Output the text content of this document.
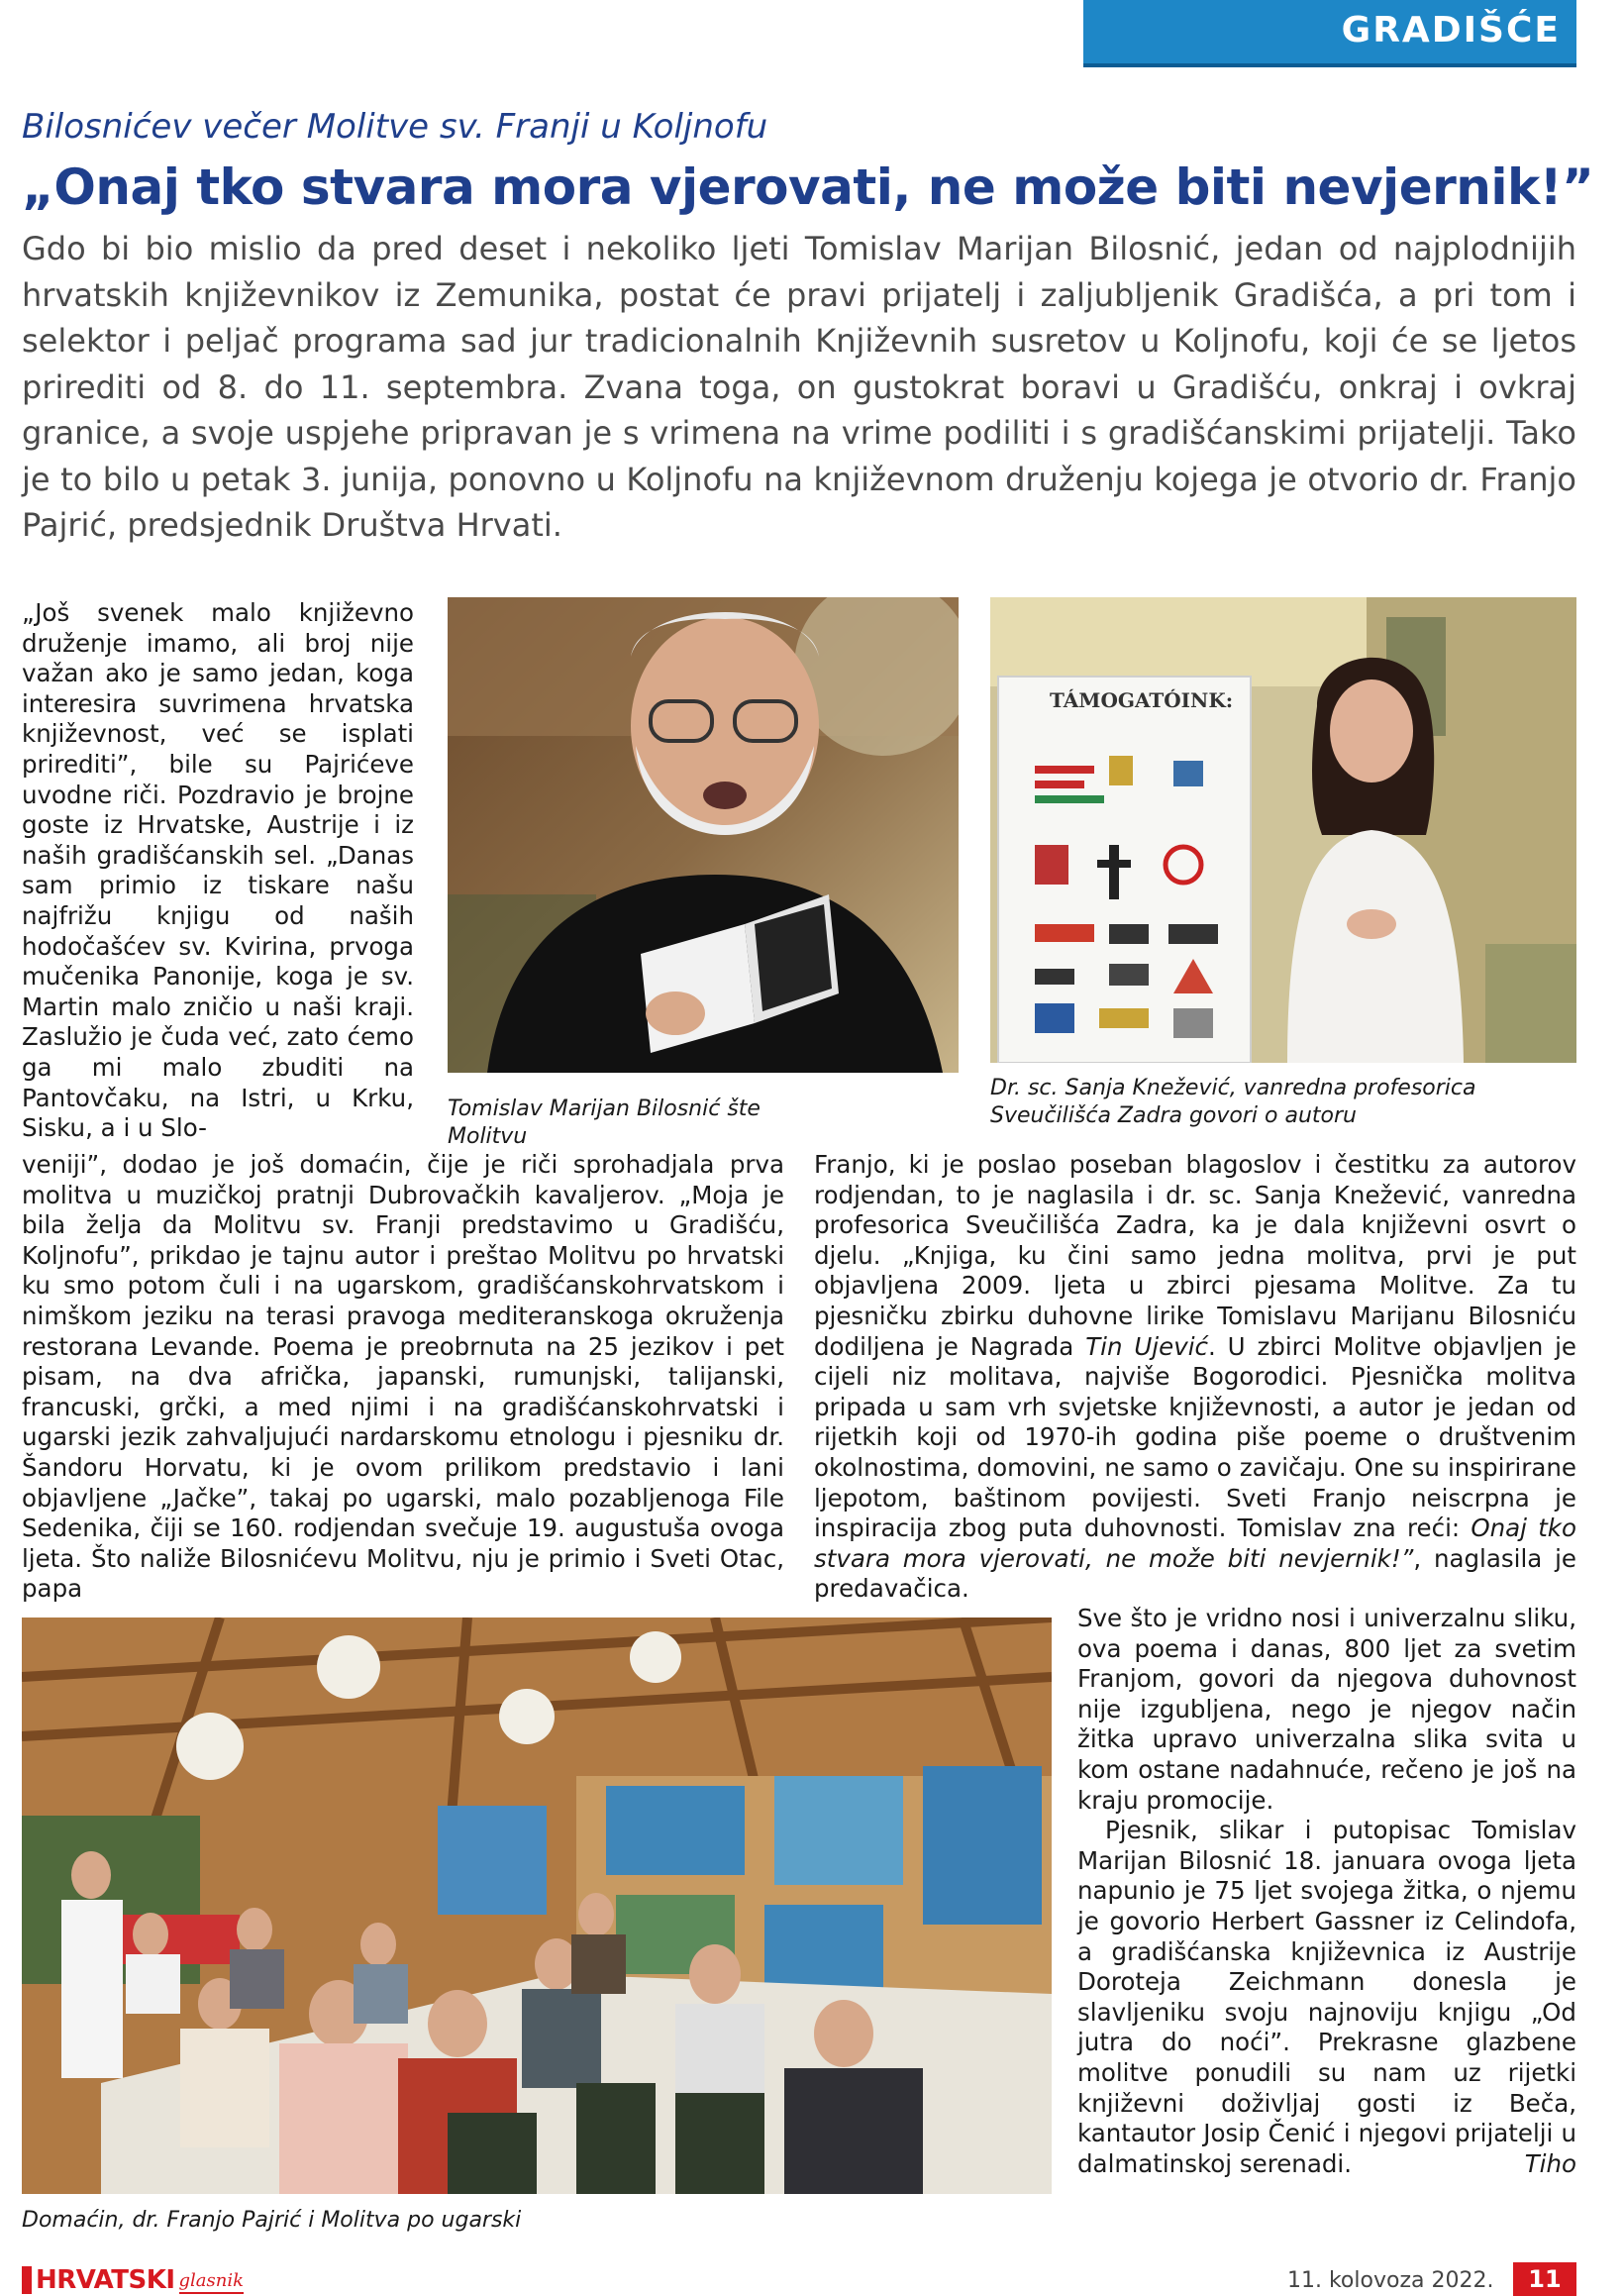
GRADIŠĆE
Bilosnićev večer Molitve sv. Franji u Koljnofu
„Onaj tko stvara mora vjerovati, ne može biti nevjernik!”

Gdo bi bio mislio da pred deset i nekoliko ljeti Tomislav Marijan Bilosnić, jedan od najplodnijih hrvatskih književnikov iz Zemunika, postat će pravi prijatelj i zaljubljenik Gradišća, a pri tom i selektor i peljač programa sad jur tradicionalnih Književnih susretov u Koljnofu, koji će se ljetos prirediti od 8. do 11. septembra. Zvana toga, on gustokrat boravi u Gradišću, onkraj i ovkraj granice, a svoje uspjehe pripravan je s vrimena na vrime podiliti i s gradišćanskimi prijatelji. Tako je to bilo u petak 3. junija, ponovno u Koljnofu na književnom druženju kojega je otvorio dr. Franjo Pajrić, predsjednik Društva Hrvati.

„Još svenek malo književno druženje imamo, ali broj nije važan ako je samo jedan, koga interesira suvrimena hrvatska književnost, već se isplati prirediti”, bile su Pajrićeve uvodne riči. Pozdravio je brojne goste iz Hrvatske, Austrije i iz naših gradišćanskih sel. „Danas sam primio iz tiskare našu najfrižu knjigu od naših hodočašćev sv. Kvirina, prvoga mučenika Panonije, koga je sv. Martin malo zničio u naši kraji. Zaslužio je čuda već, zato ćemo ga mi malo zbuditi na Pantovčaku, na Istri, u Krku, Sisku, a i u Slo-

Tomislav Marijan Bilosnić šte Molitvu
TÁMOGATÓINK:
Dr. sc. Sanja Knežević, vanredna profesorica Sveučilišća Zadra govori o autoru

veniji”, dodao je još domaćin, čije je riči sprohadjala prva molitva u muzičkoj pratnji Dubrovačkih kavaljerov. „Moja je bila želja da Molitvu sv. Franji predstavimo u Gradišću, Koljnofu”, prikdao je tajnu autor i preštao Molitvu po hrvatski ku smo potom čuli i na ugarskom, gradišćanskohrvatskom i nimškom jeziku na terasi pravoga mediteranskoga okruženja restorana Levande. Poema je preobrnuta na 25 jezikov i pet pisam, na dva afrička, japanski, rumunjski, talijanski, francuski, grčki, a med njimi i na gradišćanskohrvatski i ugarski jezik zahvaljujući nardarskomu etnologu i pjesniku dr. Šandoru Horvatu, ki je ovom prilikom predstavio i lani objavljene „Jačke”, takaj po ugarski, malo pozabljenoga File Sedenika, čiji se 160. rodjendan svečuje 19. augustuša ovoga ljeta. Što naliže Bilosnićevu Molitvu, nju je primio i Sveti Otac, papa

Franjo, ki je poslao poseban blagoslov i čestitku za autorov rodjendan, to je naglasila i dr. sc. Sanja Knežević, vanredna profesorica Sveučilišća Zadra, ka je dala književni osvrt o djelu. „Knjiga, ku čini samo jedna molitva, prvi je put objavljena 2009. ljeta u zbirci pjesama Molitve. Za tu pjesničku zbirku duhovne lirike Tomislavu Marijanu Bilosniću dodiljena je Nagrada Tin Ujević. U zbirci Molitve objavljen je cijeli niz molitava, najviše Bogorodici. Pjesnička molitva pripada u sam vrh svjetske književnosti, a autor je jedan od rijetkih koji od 1970-ih godina piše poeme o društvenim okolnostima, domovini, ne samo o zavičaju. One su inspirirane ljepotom, baštinom povijesti. Sveti Franjo neiscrpna je inspiracija zbog puta duhovnosti. Tomislav zna reći: Onaj tko stvara mora vjerovati, ne može biti nevjernik!”, naglasila je predavačica.

Sve što je vridno nosi i univerzalnu sliku, ova poema i danas, 800 ljet za svetim Franjom, govori da njegova duhovnost nije izgubljena, nego je njegov način žitka upravo univerzalna slika svita u kom ostane nadahnuće, rečeno je još na kraju promocije.

Pjesnik, slikar i putopisac Tomislav Marijan Bilosnić 18. januara ovoga ljeta napunio je 75 ljet svojega žitka, o njemu je govorio Herbert Gassner iz Celindofa, a gradišćanska književnica iz Austrije Doroteja Zeichmann donesla je slavljeniku svoju najnoviju knjigu „Od jutra do noći”. Prekrasne glazbene molitve ponudili su nam uz rijetki književni doživljaj gosti iz Beča, kantautor Josip Čenić i njegovi prijatelji u dalmatinskoj serenadi.	Tiho
Domaćin, dr. Franjo Pajrić i Molitva po ugarski
HRVATSKI glasnik	11. kolovoza 2022.	11
